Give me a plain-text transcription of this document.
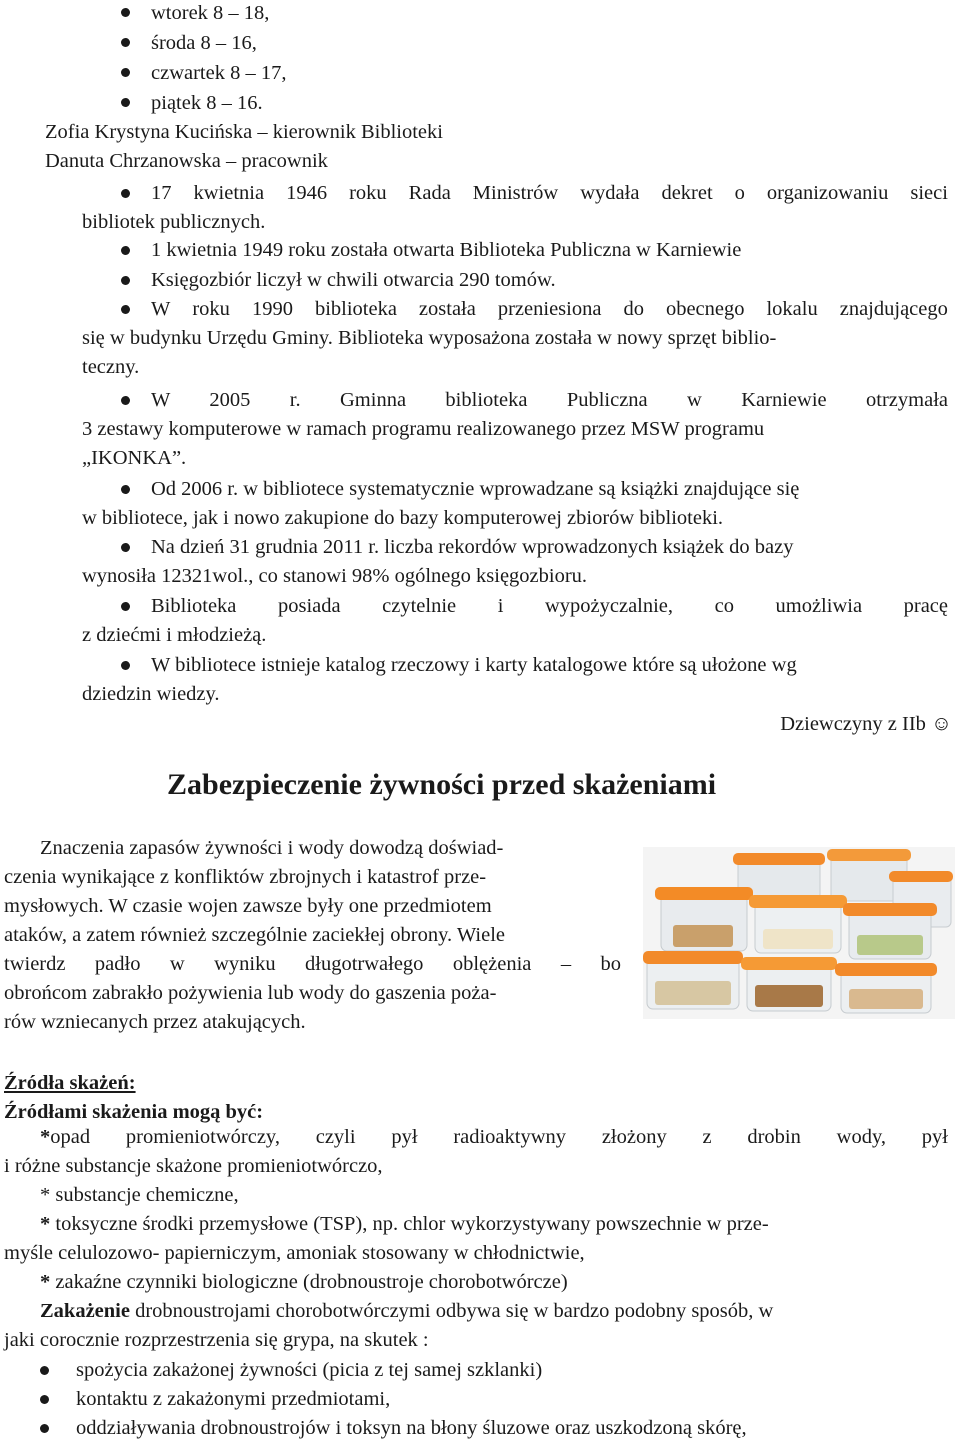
wtorek 8 – 18,
środa 8 – 16,
czwartek 8 – 17,
piątek 8 – 16.
Zofia Krystyna Kucińska – kierownik Biblioteki
Danuta Chrzanowska – pracownik
17 kwietnia 1946 roku Rada Ministrów wydała dekret o organizowaniu sieci
bibliotek publicznych.
1 kwietnia 1949 roku została otwarta Biblioteka Publiczna w Karniewie
Księgozbiór liczył w chwili otwarcia 290 tomów.
W roku 1990 biblioteka została przeniesiona do obecnego lokalu znajdującego
się w budynku Urzędu Gminy. Biblioteka wyposażona została w nowy sprzęt biblio-
teczny.
W 2005 r. Gminna biblioteka Publiczna w Karniewie otrzymała
3 zestawy komputerowe w ramach programu realizowanego przez MSW programu
„IKONKA”.
Od 2006 r. w bibliotece systematycznie wprowadzane są książki znajdujące się
w bibliotece, jak i nowo zakupione do bazy komputerowej zbiorów biblioteki.
Na dzień 31 grudnia 2011 r. liczba rekordów wprowadzonych książek do bazy
wynosiła 12321wol., co stanowi 98% ogólnego księgozbioru.
Biblioteka posiada czytelnie i wypożyczalnie, co umożliwia pracę
z dziećmi i młodzieżą.
W bibliotece istnieje katalog rzeczowy i karty katalogowe które są ułożone wg
dziedzin wiedzy.
Dziewczyny z IIb ☺
Zabezpieczenie żywności przed skażeniami
Znaczenia zapasów żywności i wody dowodzą doświad-
czenia wynikające z konfliktów zbrojnych i katastrof prze-
mysłowych. W czasie wojen zawsze były one przedmiotem
ataków, a zatem również szczególnie zaciekłej obrony. Wiele
twierdz padło w wyniku długotrwałego oblężenia – bo
obrońcom zabrakło pożywienia lub wody do gaszenia poża-
rów wzniecanych przez atakujących.
Źródła skażeń:
Źródłami skażenia mogą być:
*opad promieniotwórczy, czyli pył radioaktywny złożony z drobin wody, pył
i różne substancje skażone promieniotwórczo,
* substancje chemiczne,
* toksyczne środki przemysłowe (TSP), np. chlor wykorzystywany powszechnie w prze-
myśle celulozowo- papierniczym, amoniak stosowany w chłodnictwie,
* zakaźne czynniki biologiczne (drobnoustroje chorobotwórcze)
Zakażenie drobnoustrojami chorobotwórczymi odbywa się w bardzo podobny sposób, w
jaki corocznie rozprzestrzenia się grypa, na skutek :
spożycia zakażonej żywności (picia z tej samej szklanki)
kontaktu z zakażonymi przedmiotami,
oddziaływania drobnoustrojów i toksyn na błony śluzowe oraz uszkodzoną skórę,
